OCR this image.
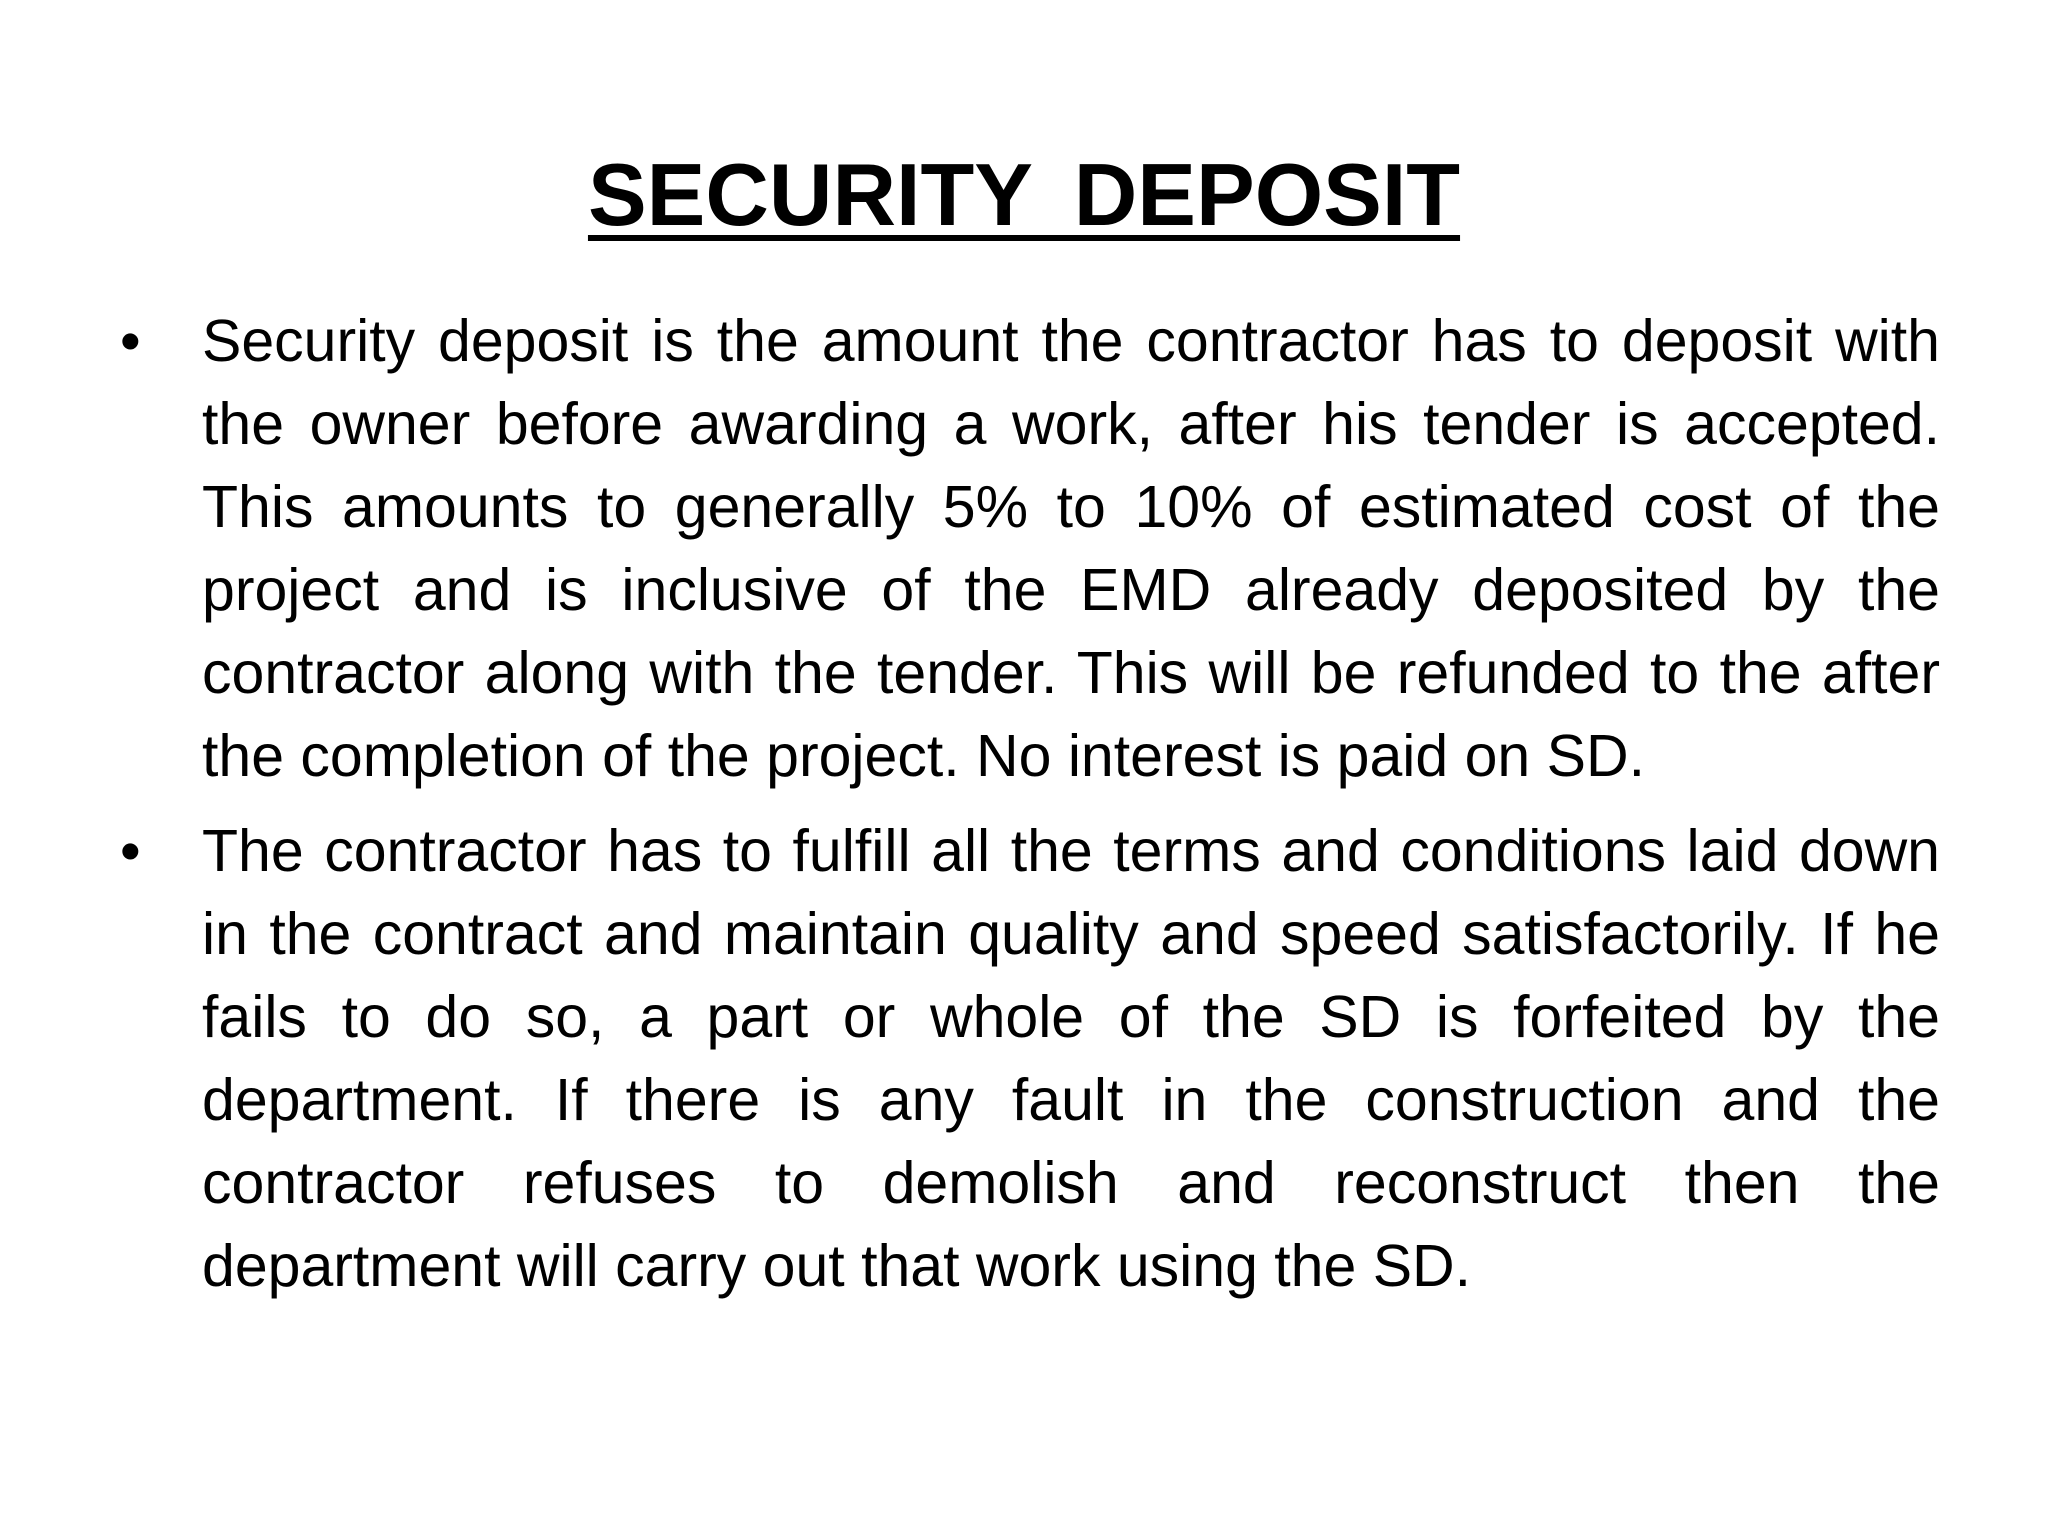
SECURITY DEPOSIT
•	Security deposit is the amount the contractor has to deposit with the owner before awarding a work, after his tender is accepted. This amounts to generally 5% to 10% of estimated cost of the project and is inclusive of the EMD already deposited by the contractor along with the tender. This will be refunded to the after the completion of the project. No interest is paid on SD.
•	The contractor has to fulfill all the terms and conditions laid down in the contract and maintain quality and speed satisfactorily. If he fails to do so, a part or whole of the SD is forfeited by the department. If there is any fault in the construction and the contractor refuses to demolish and reconstruct then the department will carry out that work using the SD.
